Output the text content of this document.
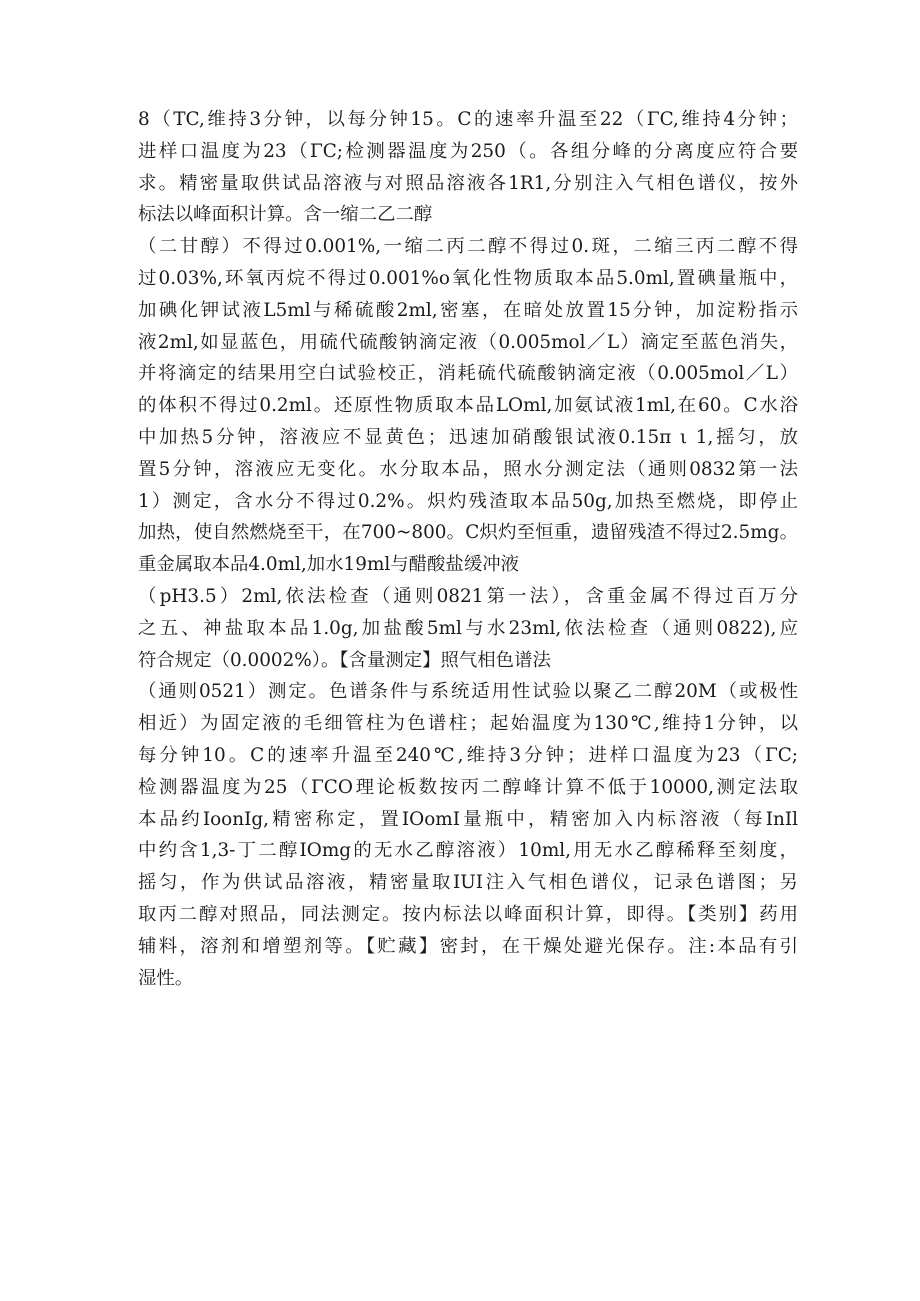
8（TC,维持3分钟，以每分钟15。C的速率升温至22（ΓC,维持4分钟；
进样口温度为23（ΓC;检测器温度为250（。各组分峰的分离度应符合要
求。精密量取供试品溶液与对照品溶液各1R1,分别注入气相色谱仪，按外
标法以峰面积计算。含一缩二乙二醇
（二甘醇）不得过0.001%,一缩二丙二醇不得过0.斑，二缩三丙二醇不得
过0.03%,环氧丙烷不得过0.001%o氧化性物质取本品5.0ml,置碘量瓶中，
加碘化钾试液L5ml与稀硫酸2ml,密塞，在暗处放置15分钟，加淀粉指示
液2ml,如显蓝色，用硫代硫酸钠滴定液（0.005mol／L）滴定至蓝色消失，
并将滴定的结果用空白试验校正，消耗硫代硫酸钠滴定液（0.005mol／L）
的体积不得过0.2ml。还原性物质取本品LOml,加氨试液1ml,在60。C水浴
中加热5分钟，溶液应不显黄色；迅速加硝酸银试液0.15π ι 1,摇匀，放
置5分钟，溶液应无变化。水分取本品，照水分测定法（通则0832第一法
1）测定，含水分不得过0.2%。炽灼残渣取本品50g,加热至燃烧，即停止
加热，使自然燃烧至干，在700~800。C炽灼至恒重，遗留残渣不得过2.5mg。
重金属取本品4.0ml,加水19ml与醋酸盐缓冲液
（pH3.5）2ml,依法检查（通则0821第一法），含重金属不得过百万分
之五、神盐取本品1.0g,加盐酸5ml与水23ml,依法检查（通则0822),应
符合规定（0.0002%）。【含量测定】照气相色谱法
（通则0521）测定。色谱条件与系统适用性试验以聚乙二醇20M（或极性
相近）为固定液的毛细管柱为色谱柱；起始温度为130℃,维持1分钟，以
每分钟10。C的速率升温至240℃,维持3分钟；进样口温度为23（ΓC;
检测器温度为25（ΓCO理论板数按丙二醇峰计算不低于10000,测定法取
本品约IoonIg,精密称定，置IOomI量瓶中，精密加入内标溶液（每InIl
中约含1,3-丁二醇IOmg的无水乙醇溶液）10ml,用无水乙醇稀释至刻度，
摇匀，作为供试品溶液，精密量取IUI注入气相色谱仪，记录色谱图；另
取丙二醇对照品，同法测定。按内标法以峰面积计算，即得。【类别】药用
辅料，溶剂和增塑剂等。【贮藏】密封，在干燥处避光保存。注:本品有引
湿性。
